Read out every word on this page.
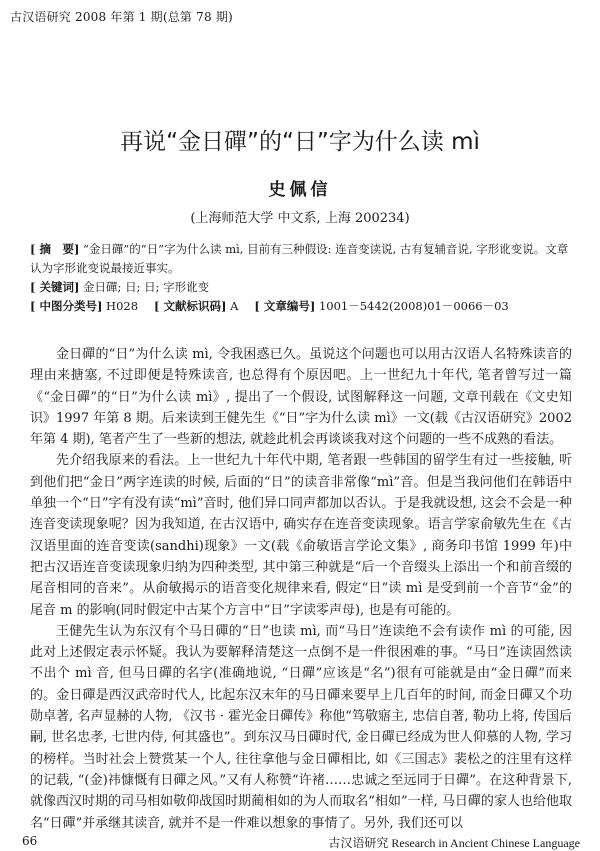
古汉语研究 2008 年第 1 期(总第 78 期)
再说“金日磾”的“日”字为什么读 mì
史佩信
(上海师范大学 中文系, 上海 200234)
[ 摘　要] “金日磾”的“日”字为什么读 mì, 目前有三种假设: 连音变读说, 古有复辅音说, 字形讹变说。文章认为字形讹变说最接近事实。
[ 关键词] 金日磾; 日; 日; 字形讹变
[ 中图分类号] H028 [ 文献标识码] A [ 文章编号] 1001－5442(2008)01－0066－03

金日磾的“日”为什么读 mì, 令我困惑已久。虽说这个问题也可以用古汉语人名特殊读音的理由来搪塞, 不过即便是特殊读音, 也总得有个原因吧。上一世纪九十年代, 笔者曾写过一篇《“金日磾”的“日”为什么读 mì》, 提出了一个假设, 试图解释这一问题, 文章刊载在《文史知识》1997 年第 8 期。后来读到王健先生《“日”字为什么读 mì》一文(载《古汉语研究》2002 年第 4 期), 笔者产生了一些新的想法, 就趁此机会再谈谈我对这个问题的一些不成熟的看法。

先介绍我原来的看法。上一世纪九十年代中期, 笔者跟一些韩国的留学生有过一些接触, 听到他们把“金日”两字连读的时候, 后面的“日”的读音非常像“mì”音。但是当我问他们在韩语中单独一个“日”字有没有读“mì”音时, 他们异口同声都加以否认。于是我就设想, 这会不会是一种连音变读现象呢？因为我知道, 在古汉语中, 确实存在连音变读现象。语言学家俞敏先生在《古汉语里面的连音变读(sandhi)现象》一文(载《俞敏语言学论文集》, 商务印书馆 1999 年)中把古汉语连音变读现象归纳为四种类型, 其中第三种就是“后一个音缀头上添出一个和前音缀的尾音相同的音来”。从俞敏揭示的语音变化规律来看, 假定“日”读 mì 是受到前一个音节“金”的尾音 m 的影响(同时假定中古某个方言中“日”字读零声母), 也是有可能的。

王健先生认为东汉有个马日磾的“日”也读 mì, 而“马日”连读绝不会有读作 mì 的可能, 因此对上述假定表示怀疑。我认为要解释清楚这一点倒不是一件很困难的事。“马日”连读固然读不出个 mì 音, 但马日磾的名字(准确地说, “日磾”应该是“名”)很有可能就是由“金日磾”而来的。金日磾是西汉武帝时代人, 比起东汉末年的马日磾来要早上几百年的时间, 而金日磾又个功勋卓著, 名声显赫的人物, 《汉书 · 霍光金日磾传》称他“笃敬寤主, 忠信自著, 勒功上将, 传国后嗣, 世名忠孝, 七世内侍, 何其盛也”。到东汉马日磾时代, 金日磾已经成为世人仰慕的人物, 学习的榜样。当时社会上赞赏某一个人, 往往拿他与金日磾相比, 如《三国志》裴松之的注里有这样的记载, “(金)祎慷慨有日磾之风。”又有人称赞“许褚……忠诚之至远同于日磾”。在这种背景下, 就像西汉时期的司马相如敬仰战国时期蔺相如的为人而取名“相如”一样, 马日磾的家人也给他取名“日磾”并承继其读音, 就并不是一件难以想象的事情了。另外, 我们还可以

66	古汉语研究 Research in Ancient Chinese Language
